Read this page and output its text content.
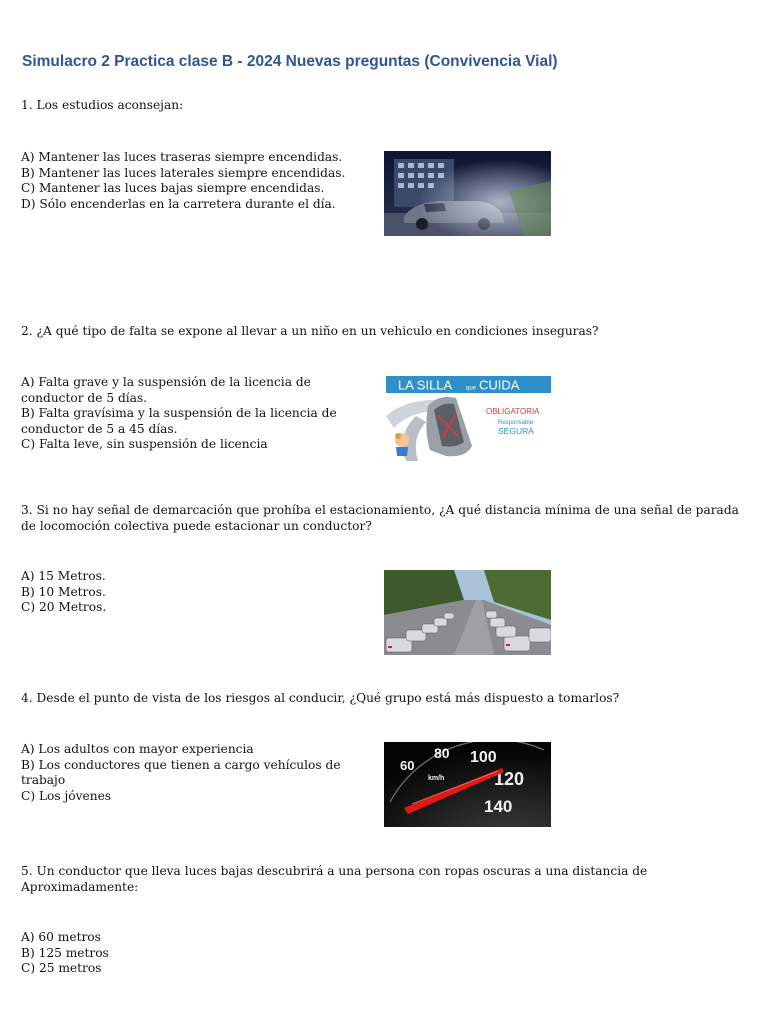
Simulacro 2 Practica clase B - 2024 Nuevas preguntas (Convivencia Vial)
1. Los estudios aconsejan:
A) Mantener las luces traseras siempre encendidas.
B) Mantener las luces laterales siempre encendidas.
C) Mantener las luces bajas siempre encendidas.
D) Sólo encenderlas en la carretera durante el día.
2. ¿A qué tipo de falta se expone al llevar a un niño en un vehiculo en condiciones inseguras?
A) Falta grave y la suspensión de la licencia de conductor de 5 días.
B) Falta gravísima y la suspensión de la licencia de conductor de 5 a 45 días.
C) Falta leve, sin suspensión de licencia
LA SILLA que CUIDA
OBLIGATORIA
Responsable
SEGURA
3. Si no hay señal de demarcación que prohíba el estacionamiento, ¿A qué distancia mínima de una señal de parada de locomoción colectiva puede estacionar un conductor?
A) 15 Metros.
B) 10 Metros.
C) 20 Metros.
4. Desde el punto de vista de los riesgos al conducir, ¿Qué grupo está más dispuesto a tomarlos?
A) Los adultos con mayor experiencia
B) Los conductores que tienen a cargo vehículos de trabajo
C) Los jóvenes
60
80 100
120
140
km/h
5. Un conductor que lleva luces bajas descubrirá a una persona con ropas oscuras a una distancia de Aproximadamente:
A) 60 metros
B) 125 metros
C) 25 metros
